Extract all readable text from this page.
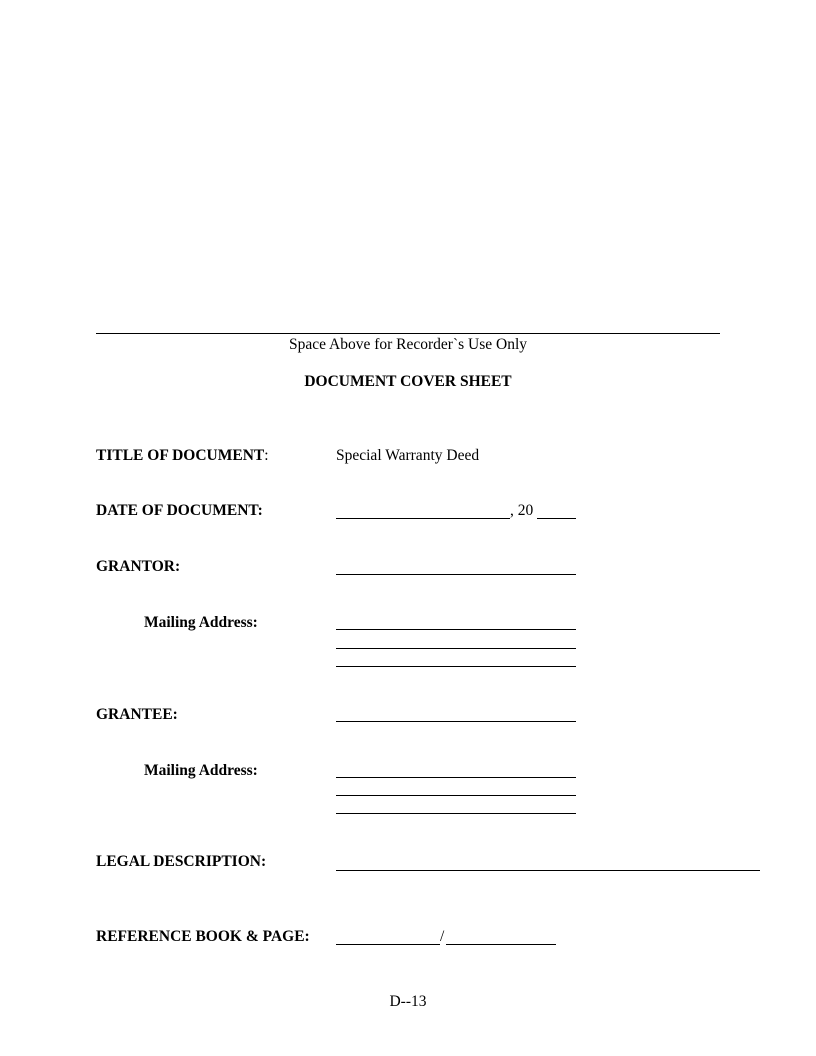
Space Above for Recorder`s Use Only
DOCUMENT COVER SHEET
TITLE OF DOCUMENT:	Special Warranty Deed
DATE OF DOCUMENT:	, 20
GRANTOR:
Mailing Address:
GRANTEE:
Mailing Address:
LEGAL DESCRIPTION:
REFERENCE BOOK & PAGE:	/
D--13
